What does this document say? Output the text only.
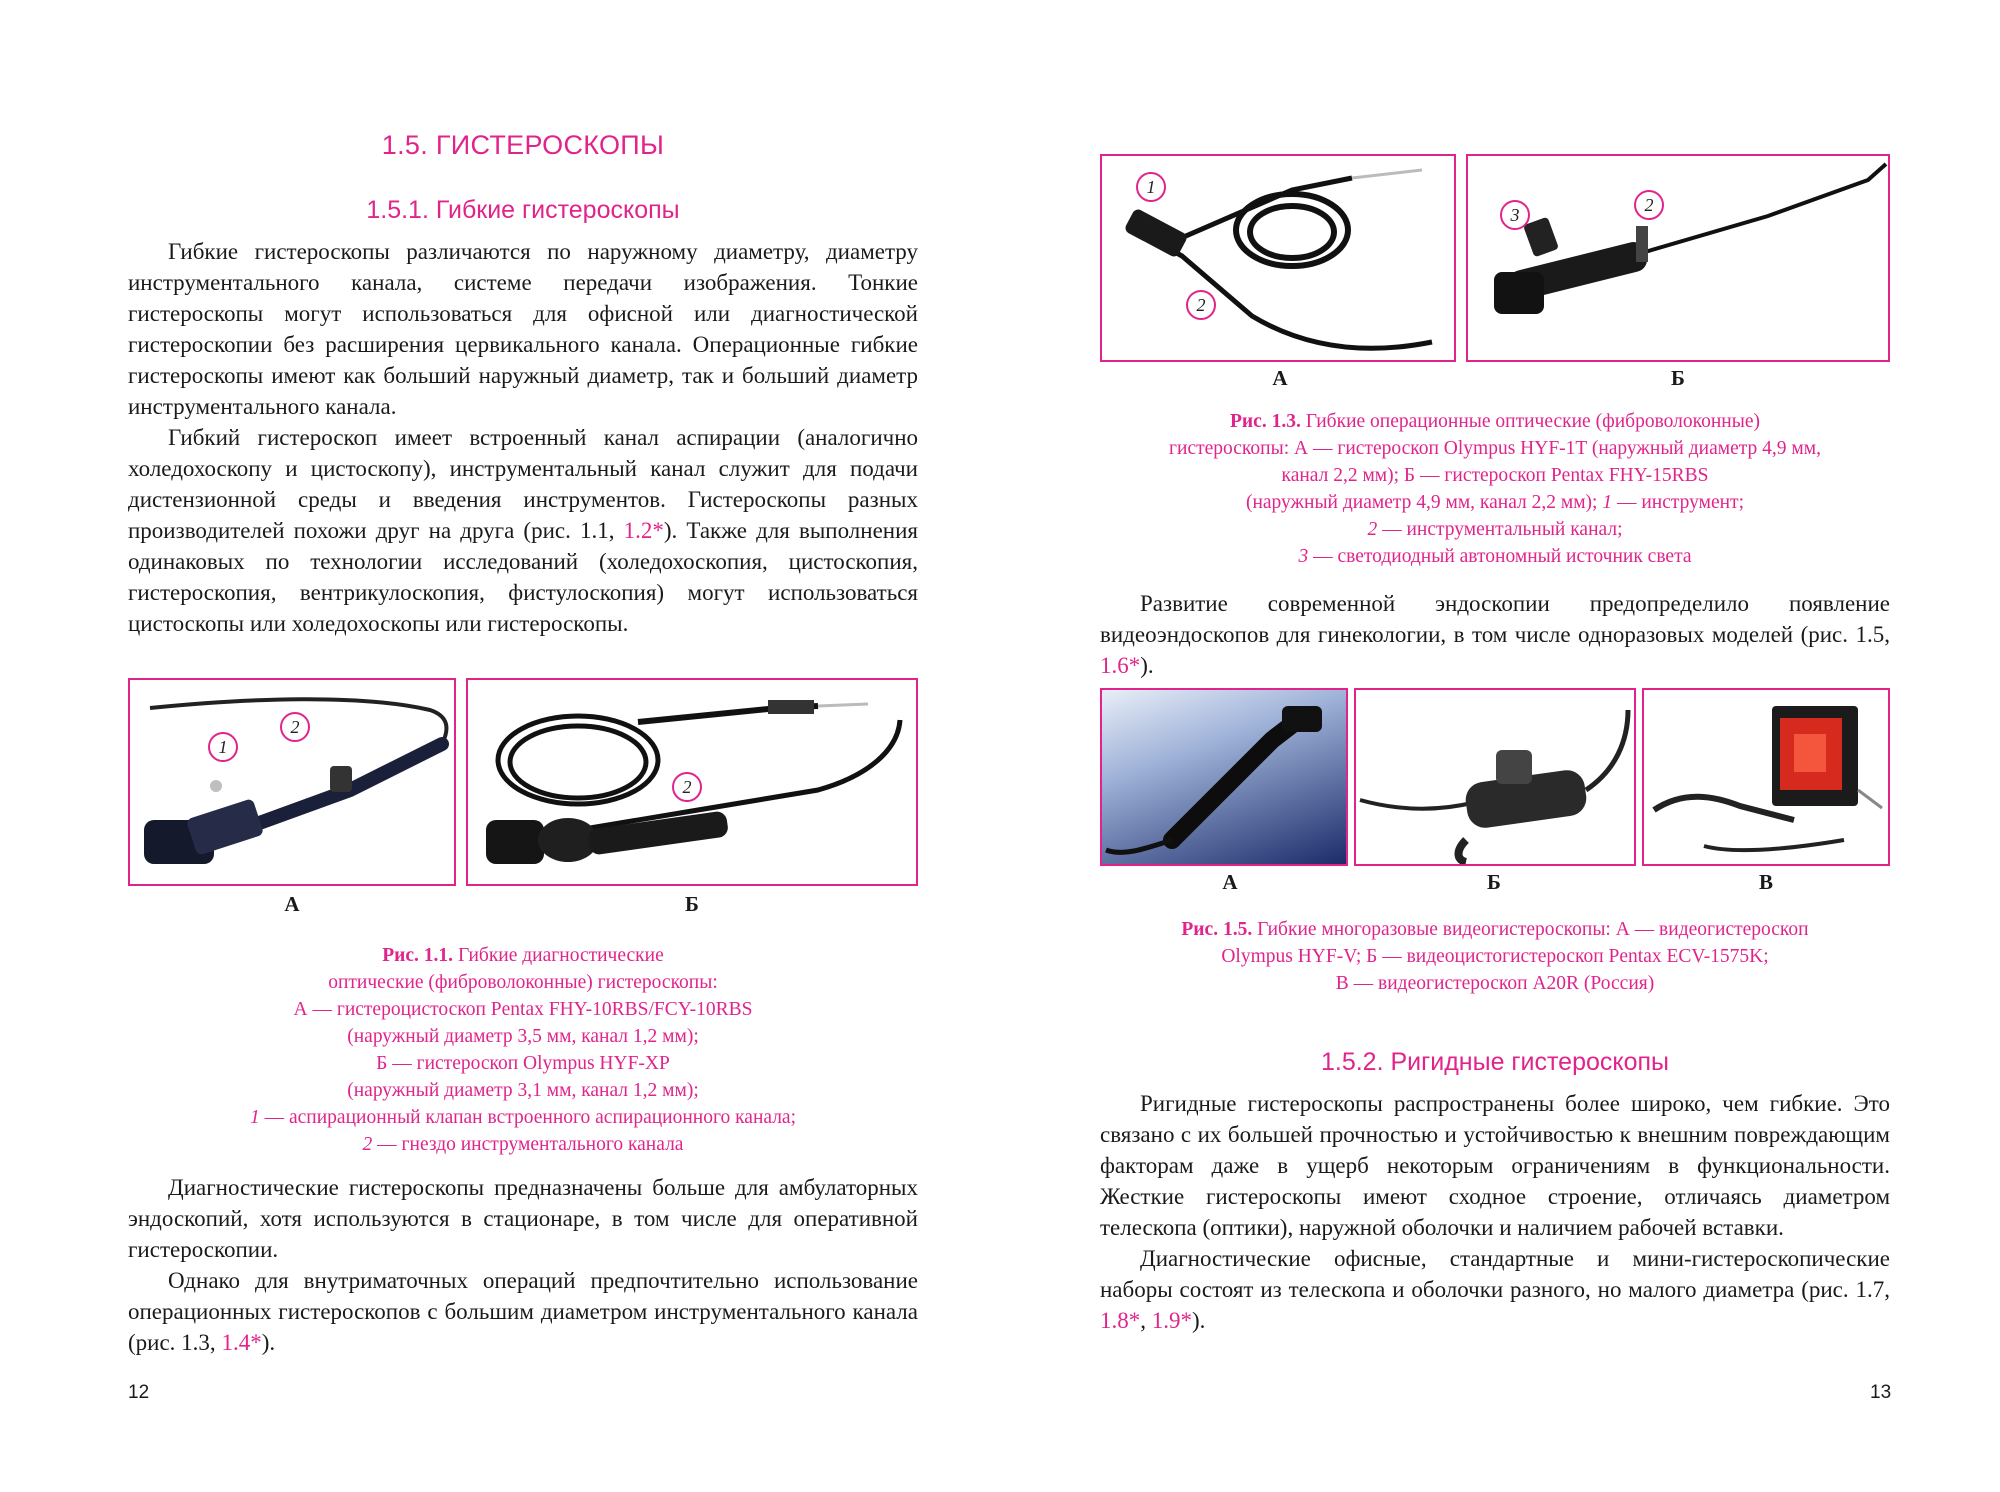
1.5. ГИСТЕРОСКОПЫ
1.5.1. Гибкие гистероскопы

Гибкие гистероскопы различаются по наружному диаметру, диаметру инструментального канала, системе передачи изображения. Тонкие гистероскопы могут использоваться для офисной или диагностической гистероскопии без расширения цервикального канала. Операционные гибкие гистероскопы имеют как больший наружный диаметр, так и больший диаметр инструментального канала.

Гибкий гистероскоп имеет встроенный канал аспирации (аналогично холедохоскопу и цистоскопу), инструментальный канал служит для подачи дистензионной среды и введения инструментов. Гистероскопы разных производителей похожи друг на друга (рис. 1.1, 1.2*). Также для выполнения одинаковых по технологии исследований (холедохоскопия, цистоскопия, гистероскопия, вентрикулоскопия, фистулоскопия) могут использоваться цистоскопы или холедохоскопы или гистероскопы.

1
2
2
А	Б
Рис. 1.1. Гибкие диагностические
оптические (фиброволоконные) гистероскопы:
А — гистероцистоскоп Pentax FHY-10RBS/FCY-10RBS
(наружный диаметр 3,5 мм, канал 1,2 мм);
Б — гистероскоп Olympus HYF-XP
(наружный диаметр 3,1 мм, канал 1,2 мм);
1 — аспирационный клапан встроенного аспирационного канала;
2 — гнездо инструментального канала

Диагностические гистероскопы предназначены больше для амбулаторных эндоскопий, хотя используются в стационаре, в том числе для оперативной гистероскопии.

Однако для внутриматочных операций предпочтительно использование операционных гистероскопов с большим диаметром инструментального канала (рис. 1.3, 1.4*).

12
1
2
3	2
А	Б
Рис. 1.3. Гибкие операционные оптические (фиброволоконные)
гистероскопы: А — гистероскоп Olympus HYF-1T (наружный диаметр 4,9 мм,
канал 2,2 мм); Б — гистероскоп Pentax FHY-15RBS
(наружный диаметр 4,9 мм, канал 2,2 мм); 1 — инструмент;
2 — инструментальный канал;
3 — светодиодный автономный источник света

Развитие современной эндоскопии предопределило появление видеоэндоскопов для гинекологии, в том числе одноразовых моделей (рис. 1.5, 1.6*).

А	Б	В
Рис. 1.5. Гибкие многоразовые видеогистероскопы: А — видеогистероскоп
Olympus HYF-V; Б — видеоцистогистероскоп Pentax ECV-1575K;
В — видеогистероскоп A20R (Россия)
1.5.2. Ригидные гистероскопы

Ригидные гистероскопы распространены более широко, чем гибкие. Это связано с их большей прочностью и устойчивостью к внешним повреждающим факторам даже в ущерб некоторым ограничениям в функциональности. Жесткие гистероскопы имеют сходное строение, отличаясь диаметром телескопа (оптики), наружной оболочки и наличием рабочей вставки.

Диагностические офисные, стандартные и мини-гистероскопические наборы состоят из телескопа и оболочки разного, но малого диаметра (рис. 1.7, 1.8*, 1.9*).

13
